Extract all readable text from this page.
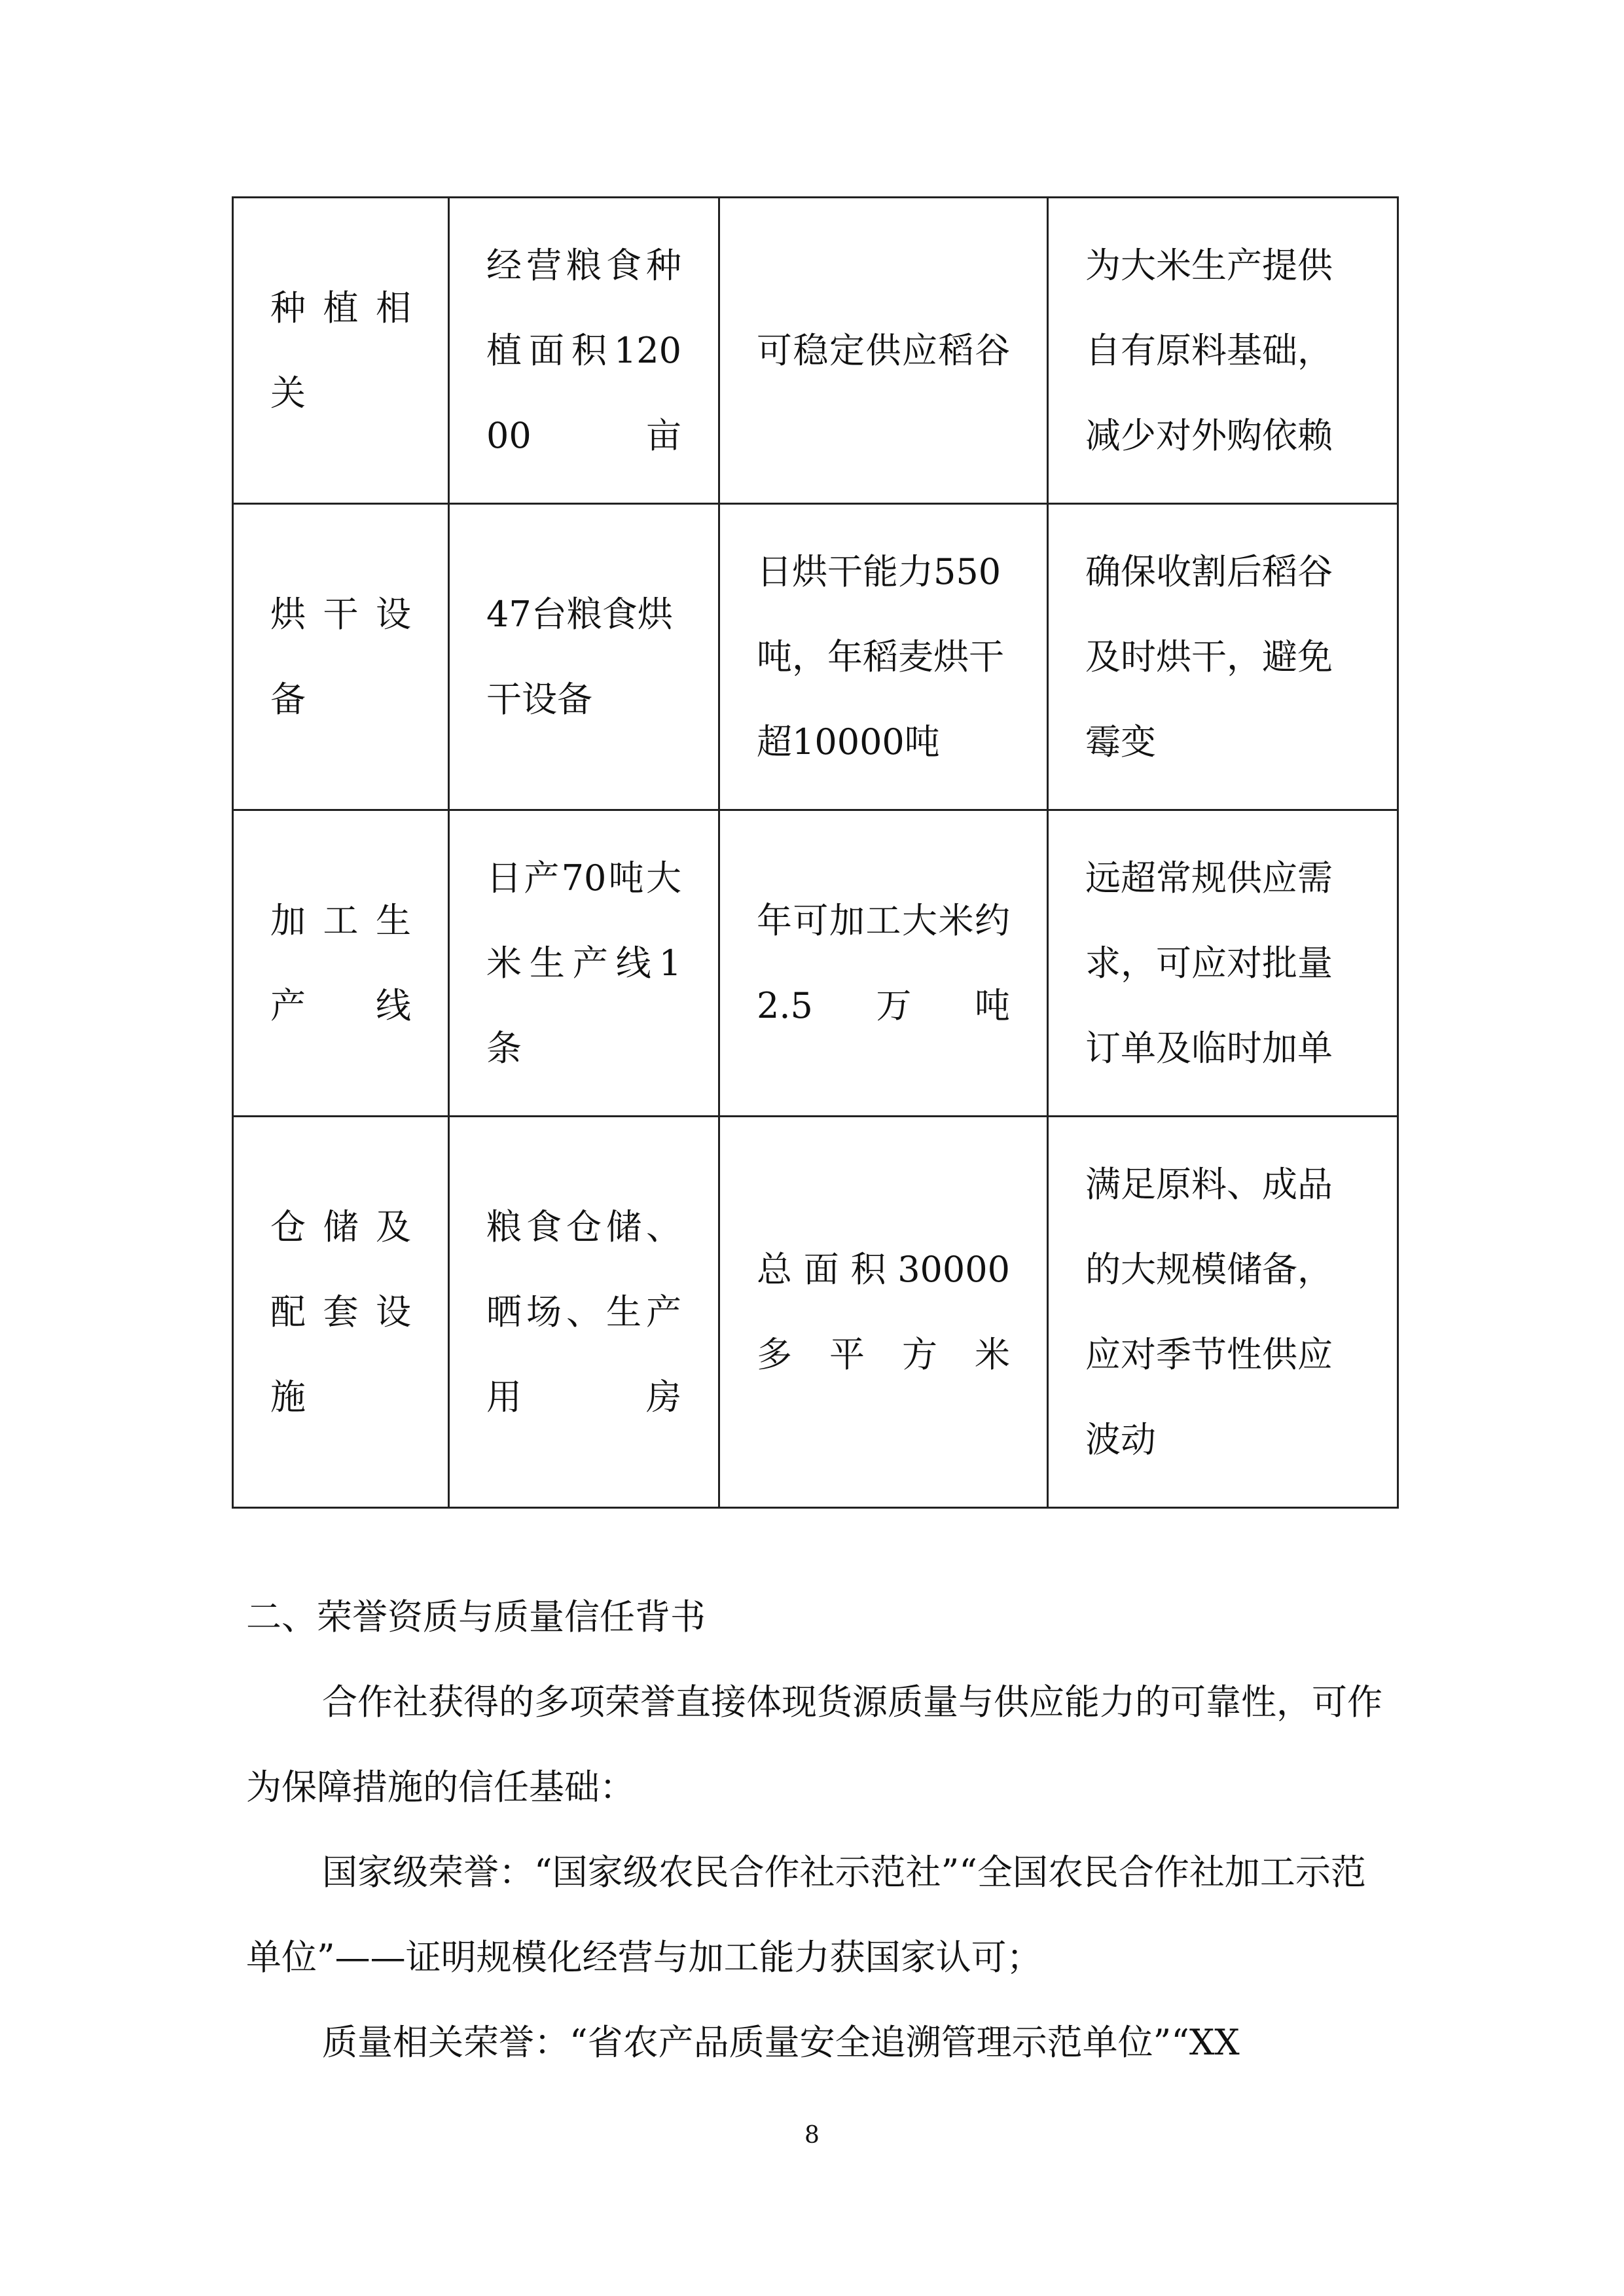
种植相关	经营粮食种植面积12000亩	可稳定供应稻谷	为大米生产提供自有原料基础，减少对外购依赖
烘干设备	47台粮食烘干设备	日烘干能力550吨，年稻麦烘干超10000吨	确保收割后稻谷及时烘干，避免霉变
加工生产线	日产70吨大米生产线1条	年可加工大米约 2.5万吨	远超常规供应需求，可应对批量订单及临时加单
仓储及配套设施	粮食仓储、晒场、生产用房	总面积30000多平方米	满足原料、成品的大规模储备，应对季节性供应波动

二、荣誉资质与质量信任背书

合作社获得的多项荣誉直接体现货源质量与供应能力的可靠性，可作为保障措施的信任基础：

国家级荣誉：“国家级农民合作社示范社”“全国农民合作社加工示范单位”——证明规模化经营与加工能力获国家认可；

质量相关荣誉：“省农产品质量安全追溯管理示范单位”“XX

8
